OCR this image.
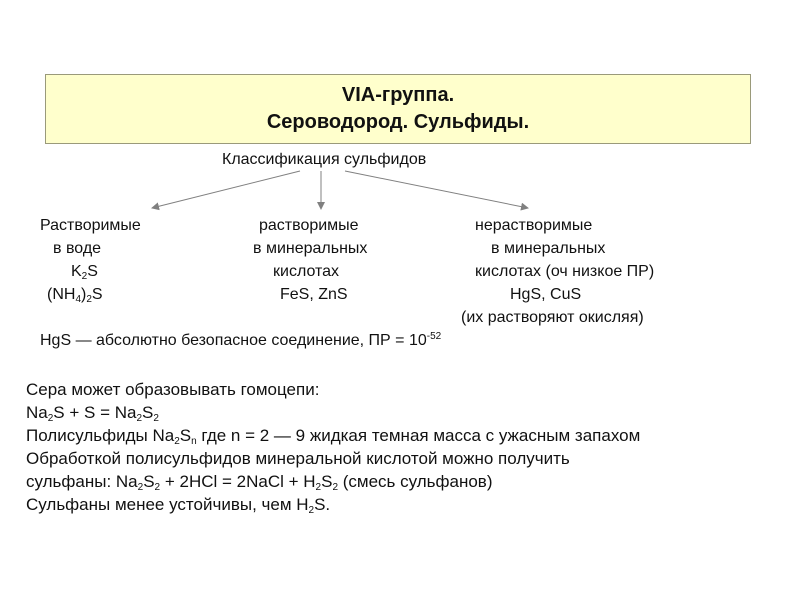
VIA-группа.
Сероводород. Сульфиды.
Классификация сульфидов
Растворимые
в воде
$K_2S$
$(NH_4)_2S$
растворимые
в минеральных
кислотах
FeS, ZnS
нерастворимые
в минеральных
кислотах (оч низкое ПР)
HgS, CuS
(их растворяют окисляя)
HgS — абсолютно безопасное соединение, ПР = $10^{-52}$
Сера может образовывать гомоцепи:
$Na_2S + S = Na_2S_2$
Полисульфиды $Na_2S_n$ где n = 2 — 9 жидкая темная масса с ужасным запахом
Обработкой полисульфидов минеральной кислотой можно получить
сульфаны: $Na_2S_2 + 2HCl$ = 2NaCl + $H_2S_2$ (смесь сульфанов)
Сульфаны менее устойчивы, чем $H_2S$.
